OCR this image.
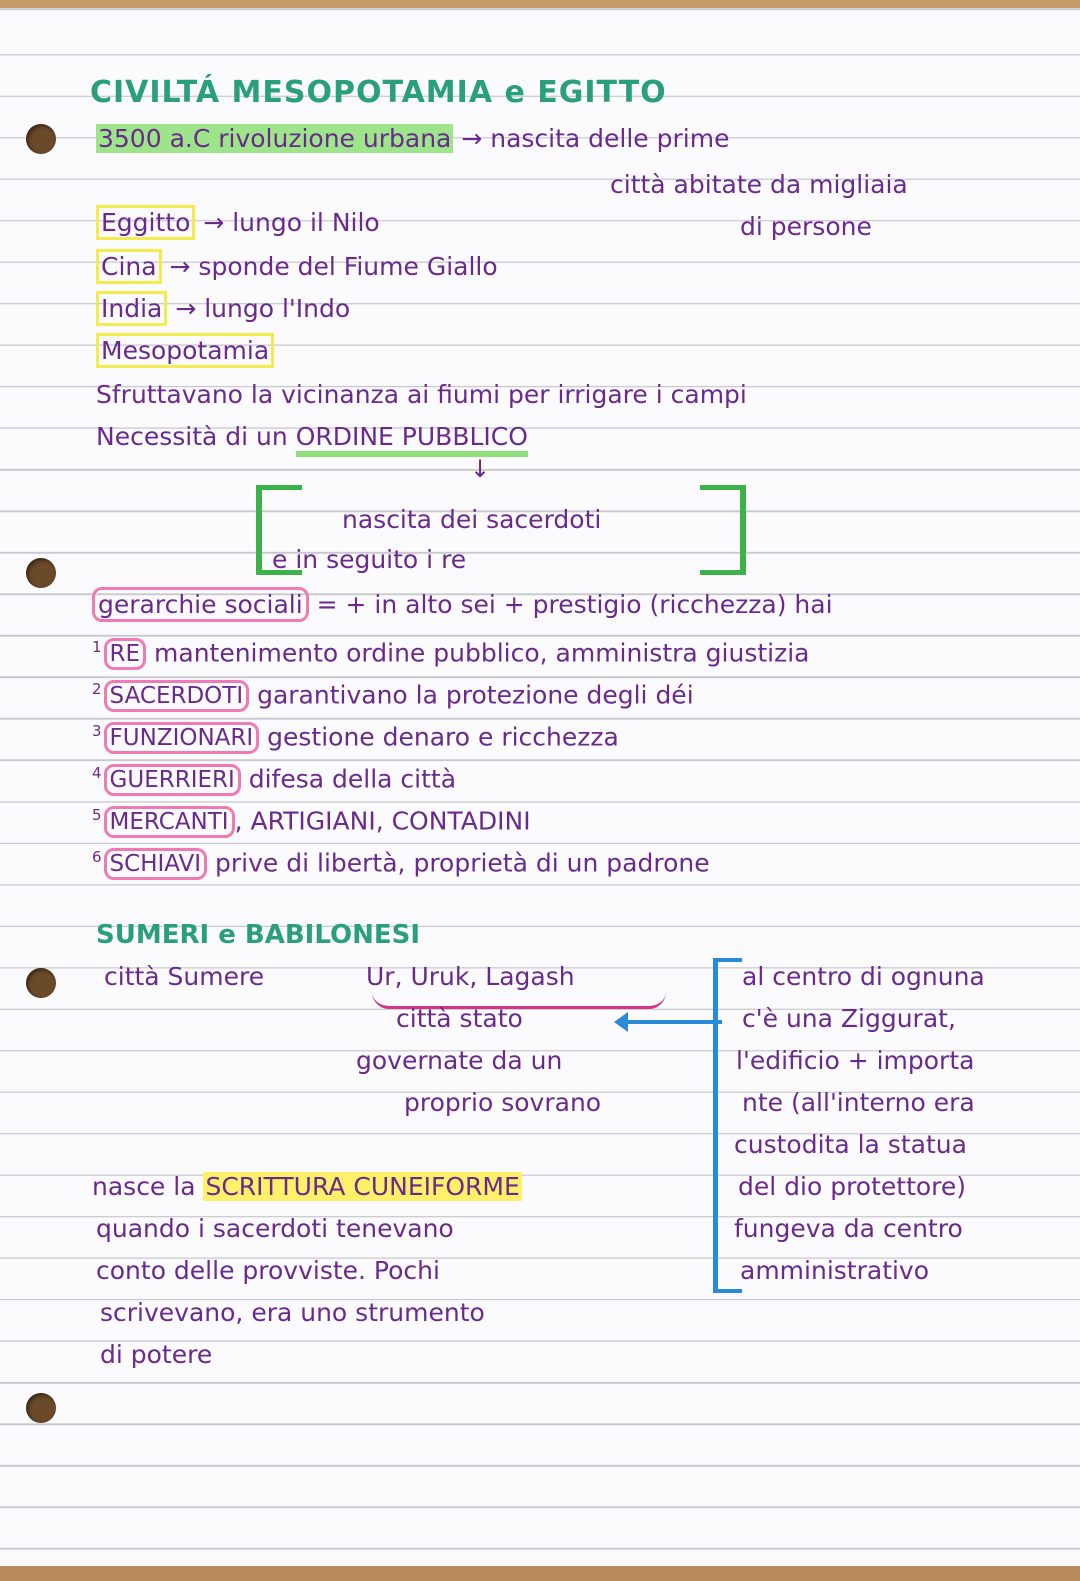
CIVILTÁ MESOPOTAMIA e EGITTO
3500 a.C rivoluzione urbana → nascita delle prime
città abitate da migliaia
di persone
Eggitto → lungo il Nilo
Cina → sponde del Fiume Giallo
India → lungo l'Indo
Mesopotamia
Sfruttavano la vicinanza ai fiumi per irrigare i campi
Necessità di un ORDINE PUBBLICO
↓
nascita dei sacerdoti
e in seguito i re
gerarchie sociali = + in alto sei + prestigio (ricchezza) hai
$^1$ RE mantenimento ordine pubblico, amministra giustizia
$^2$ SACERDOTI garantivano la protezione degli déi
$^3$ FUNZIONARI gestione denaro e ricchezza
$^4$ GUERRIERI difesa della città
$^5$ MERCANTI , ARTIGIANI, CONTADINI
$^6$ SCHIAVI prive di libertà, proprietà di un padrone
SUMERI e BABILONESI
città Sumere	Ur, Uruk, Lagash
città stato
governate da un
proprio sovrano
al centro di ognuna
c'è una Ziggurat,
l'edificio + importa
nte (all'interno era
custodita la statua
del dio protettore)
fungeva da centro
amministrativo
nasce la SCRITTURA CUNEIFORME
quando i sacerdoti tenevano
conto delle provviste. Pochi
scrivevano, era uno strumento
di potere
